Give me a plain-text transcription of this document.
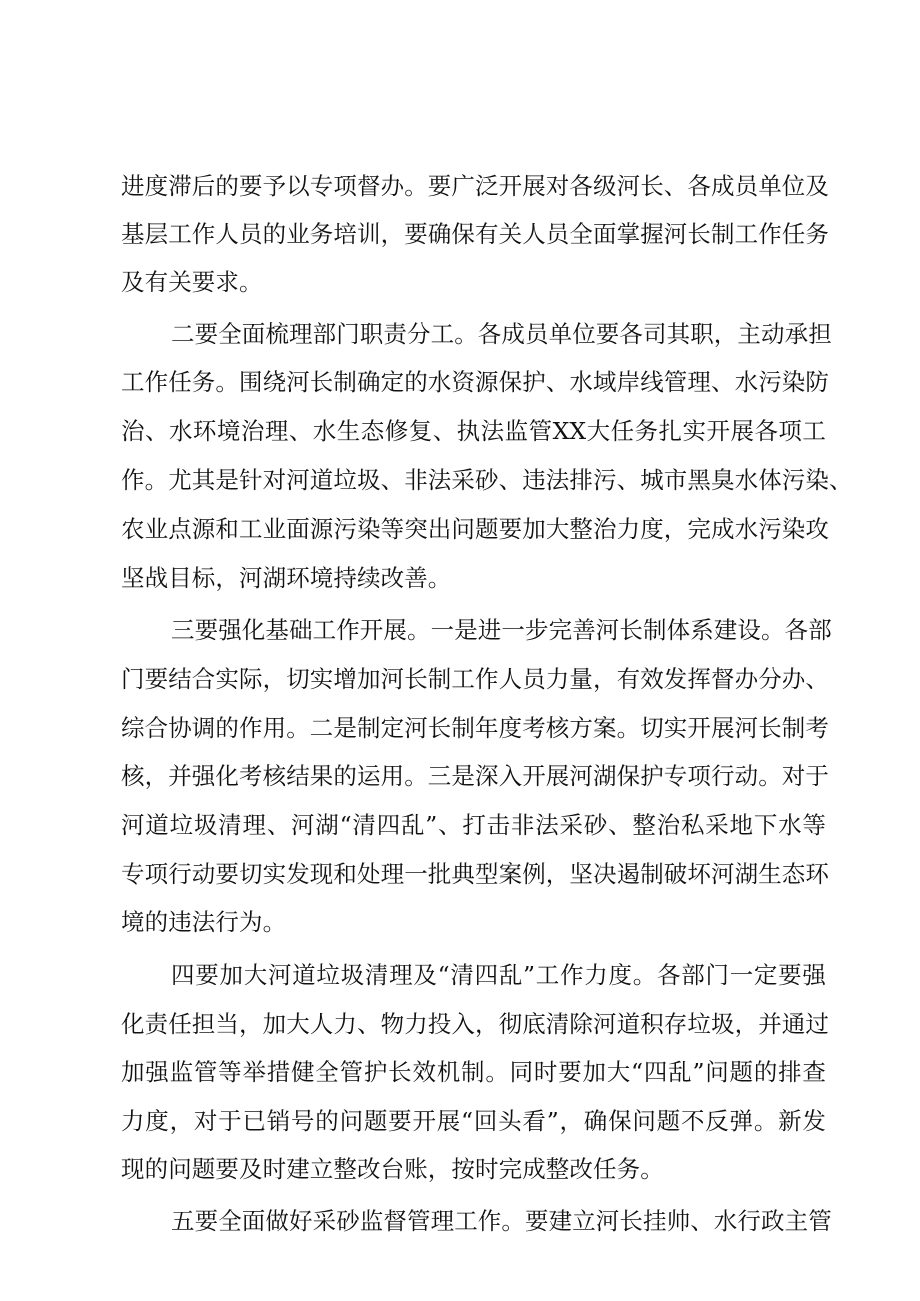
进度滞后的要予以专项督办。要广泛开展对各级河长、各成员单位及
基层工作人员的业务培训，要确保有关人员全面掌握河长制工作任务
及有关要求。
二要全面梳理部门职责分工。各成员单位要各司其职，主动承担
工作任务。围绕河长制确定的水资源保护、水域岸线管理、水污染防
治、水环境治理、水生态修复、执法监管XX大任务扎实开展各项工
作。尤其是针对河道垃圾、非法采砂、违法排污、城市黑臭水体污染、
农业点源和工业面源污染等突出问题要加大整治力度，完成水污染攻
坚战目标，河湖环境持续改善。
三要强化基础工作开展。一是进一步完善河长制体系建设。各部
门要结合实际，切实增加河长制工作人员力量，有效发挥督办分办、
综合协调的作用。二是制定河长制年度考核方案。切实开展河长制考
核，并强化考核结果的运用。三是深入开展河湖保护专项行动。对于
河道垃圾清理、河湖“清四乱”、打击非法采砂、整治私采地下水等
专项行动要切实发现和处理一批典型案例，坚决遏制破坏河湖生态环
境的违法行为。
四要加大河道垃圾清理及“清四乱”工作力度。各部门一定要强
化责任担当，加大人力、物力投入，彻底清除河道积存垃圾，并通过
加强监管等举措健全管护长效机制。同时要加大“四乱”问题的排查
力度，对于已销号的问题要开展“回头看”，确保问题不反弹。新发
现的问题要及时建立整改台账，按时完成整改任务。
五要全面做好采砂监督管理工作。要建立河长挂帅、水行政主管
